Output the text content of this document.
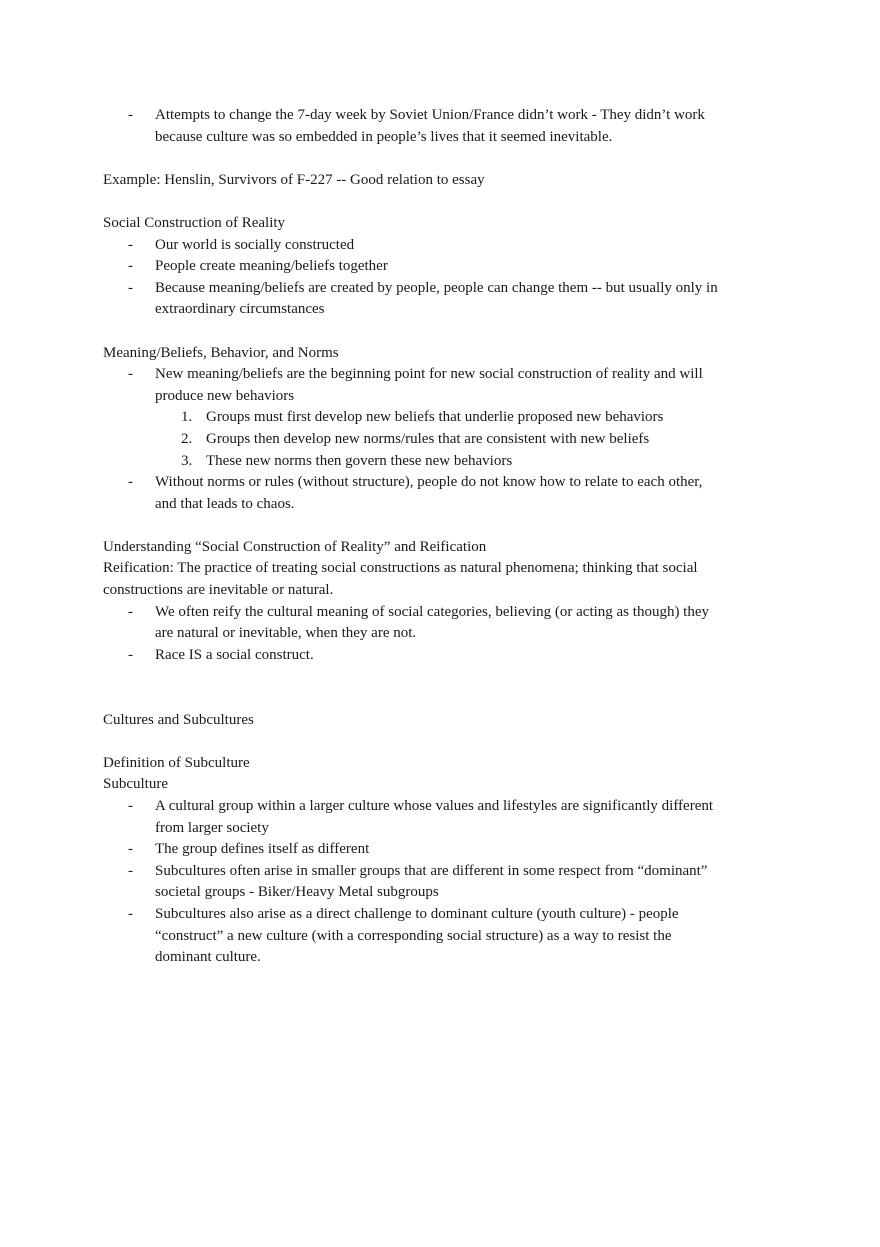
- Attempts to change the 7-day week by Soviet Union/France didn’t work - They didn’t work because culture was so embedded in people’s lives that it seemed inevitable.
Example: Henslin, Survivors of F-227 -- Good relation to essay
Social Construction of Reality
- Our world is socially constructed
- People create meaning/beliefs together
- Because meaning/beliefs are created by people, people can change them -- but usually only in extraordinary circumstances
Meaning/Beliefs, Behavior, and Norms
- New meaning/beliefs are the beginning point for new social construction of reality and will produce new behaviors
1. Groups must first develop new beliefs that underlie proposed new behaviors
2. Groups then develop new norms/rules that are consistent with new beliefs
3. These new norms then govern these new behaviors
- Without norms or rules (without structure), people do not know how to relate to each other, and that leads to chaos.
Understanding “Social Construction of Reality” and Reification
Reification: The practice of treating social constructions as natural phenomena; thinking that social constructions are inevitable or natural.
- We often reify the cultural meaning of social categories, believing (or acting as though) they are natural or inevitable, when they are not.
- Race IS a social construct.
Cultures and Subcultures
Definition of Subculture
Subculture
- A cultural group within a larger culture whose values and lifestyles are significantly different from larger society
- The group defines itself as different
- Subcultures often arise in smaller groups that are different in some respect from “dominant” societal groups - Biker/Heavy Metal subgroups
- Subcultures also arise as a direct challenge to dominant culture (youth culture) - people “construct” a new culture (with a corresponding social structure) as a way to resist the dominant culture.
